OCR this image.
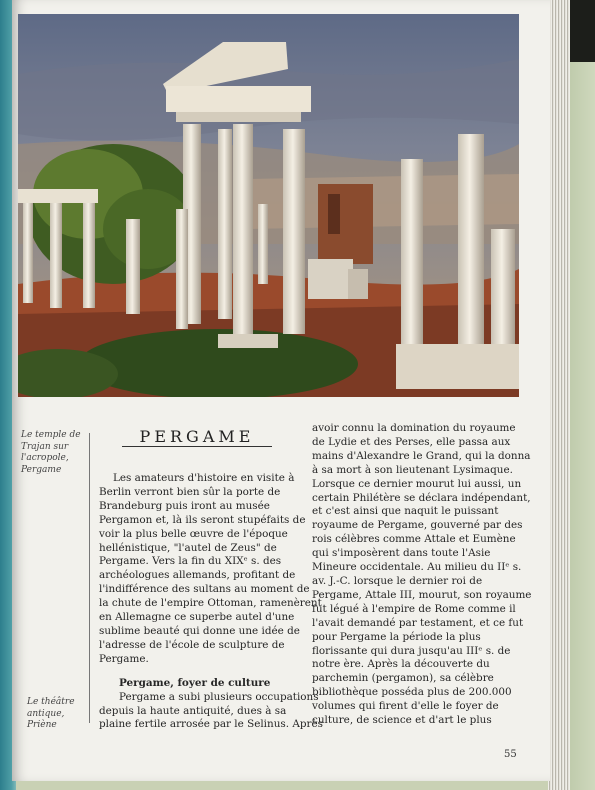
Le temple de
Trajan sur
l'acropole,
Pergame
Le théâtre
antique, Priène
PERGAME
Les amateurs d'histoire en visite à
Berlin verront bien sûr la porte de
Brandeburg puis iront au musée
Pergamon et, là ils seront stupéfaits de
voir la plus belle œuvre de l'époque
hellénistique, "l'autel de Zeus" de
Pergame. Vers la fin du XIXᵉ s. des
archéologues allemands, profitant de
l'indifférence des sultans au moment de
la chute de l'empire Ottoman, ramenèrent
en Allemagne ce superbe autel d'une
sublime beauté qui donne une idée de
l'adresse de l'école de sculpture de
Pergame.
Pergame, foyer de culture
Pergame a subi plusieurs occupations
depuis la haute antiquité, dues à sa
plaine fertile arrosée par le Selinus. Après
avoir connu la domination du royaume
de Lydie et des Perses, elle passa aux
mains d'Alexandre le Grand, qui la donna
à sa mort à son lieutenant Lysimaque.
Lorsque ce dernier mourut lui aussi, un
certain Philétère se déclara indépendant,
et c'est ainsi que naquit le puissant
royaume de Pergame, gouverné par des
rois célèbres comme Attale et Eumène
qui s'imposèrent dans toute l'Asie
Mineure occidentale. Au milieu du IIᵉ s.
av. J.-C. lorsque le dernier roi de
Pergame, Attale III, mourut, son royaume
fut légué à l'empire de Rome comme il
l'avait demandé par testament, et ce fut
pour Pergame la période la plus
florissante qui dura jusqu'au IIIᵉ s. de
notre ère. Après la découverte du
parchemin (pergamon), sa célèbre
bibliothèque posséda plus de 200.000
volumes qui firent d'elle le foyer de
culture, de science et d'art le plus
55
